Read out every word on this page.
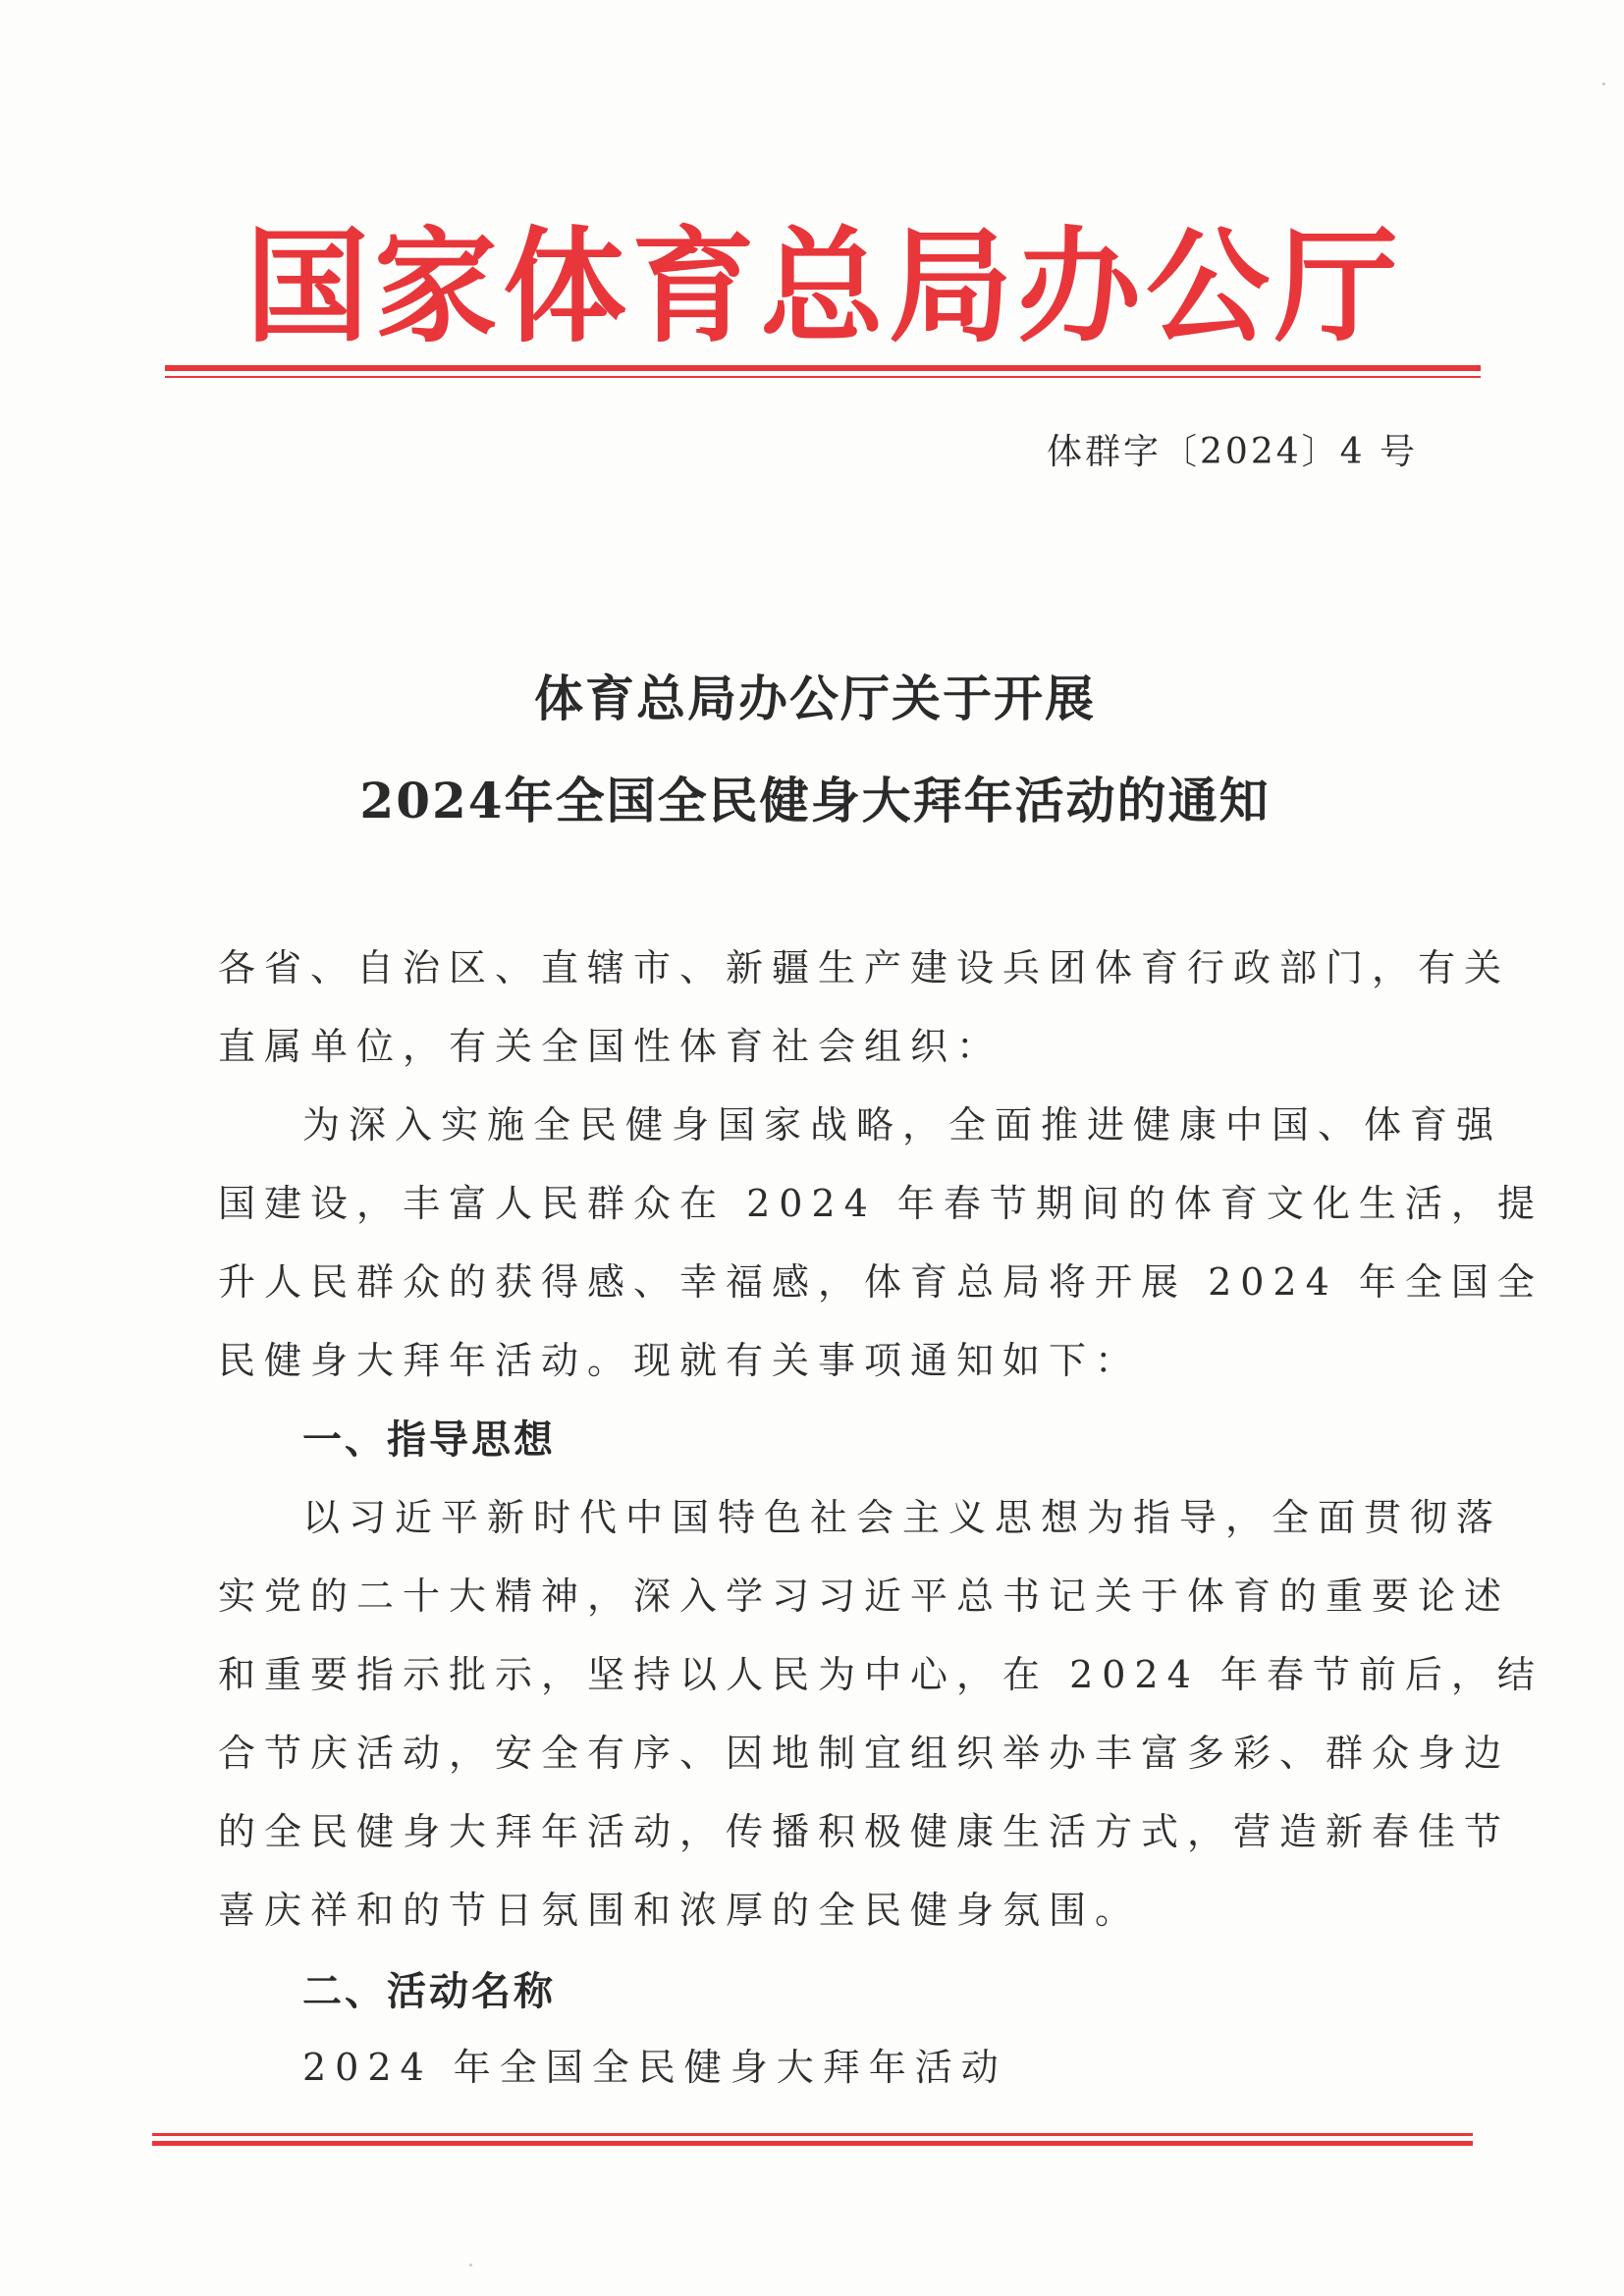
国家体育总局办公厅
体群字〔2024〕4 号
体育总局办公厅关于开展
2024年全国全民健身大拜年活动的通知
各省、自治区、直辖市、新疆生产建设兵团体育行政部门，有关
直属单位，有关全国性体育社会组织：
为深入实施全民健身国家战略，全面推进健康中国、体育强
国建设，丰富人民群众在 2024 年春节期间的体育文化生活，提
升人民群众的获得感、幸福感，体育总局将开展 2024 年全国全
民健身大拜年活动。现就有关事项通知如下：
一、指导思想
以习近平新时代中国特色社会主义思想为指导，全面贯彻落
实党的二十大精神，深入学习习近平总书记关于体育的重要论述
和重要指示批示，坚持以人民为中心，在 2024 年春节前后，结
合节庆活动，安全有序、因地制宜组织举办丰富多彩、群众身边
的全民健身大拜年活动，传播积极健康生活方式，营造新春佳节
喜庆祥和的节日氛围和浓厚的全民健身氛围。
二、活动名称
2024 年全国全民健身大拜年活动
